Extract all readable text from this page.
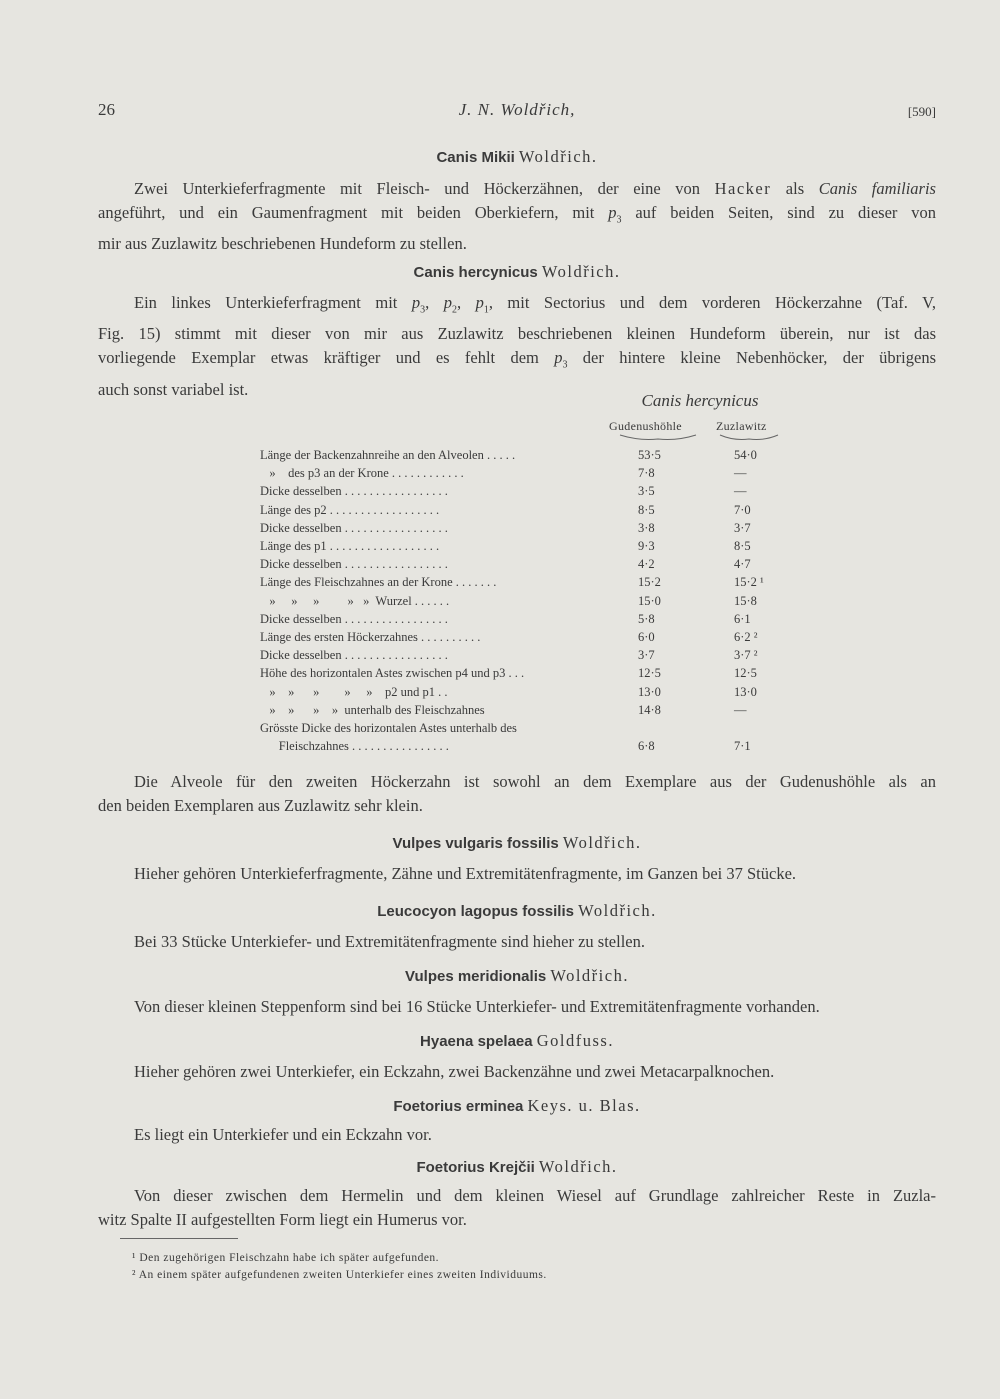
26	J. N. Woldřich,	[590]
Canis Mikii Woldřich.
Zwei Unterkieferfragmente mit Fleisch- und Höckerzähnen, der eine von Hacker als Canis familiaris
angeführt, und ein Gaumenfragment mit beiden Oberkiefern, mit $p_3$ auf beiden Seiten, sind zu dieser von
mir aus Zuzlawitz beschriebenen Hundeform zu stellen.
Canis hercynicus Woldřich.
Ein linkes Unterkieferfragment mit $p_3$, $p_2$, $p_1$, mit Sectorius und dem vorderen Höckerzahne (Taf. V,
Fig. 15) stimmt mit dieser von mir aus Zuzlawitz beschriebenen kleinen Hundeform überein, nur ist das
vorliegende Exemplar etwas kräftiger und es fehlt dem $p_3$ der hintere kleine Nebenhöcker, der übrigens
auch sonst variabel ist.
Canis hercynicus
Gudenushöhle	Zuzlawitz
Länge der Backenzahnreihe an den Alveolen . . . . .	53·5	54·0
»    des p3 an der Krone . . . . . . . . . . . .	7·8	—
Dicke desselben . . . . . . . . . . . . . . . . .	3·5	—
Länge des p2 . . . . . . . . . . . . . . . . . .	8·5	7·0
Dicke desselben . . . . . . . . . . . . . . . . .	3·8	3·7
Länge des p1 . . . . . . . . . . . . . . . . . .	9·3	8·5
Dicke desselben . . . . . . . . . . . . . . . . .	4·2	4·7
Länge des Fleischzahnes an der Krone . . . . . . .	15·2	15·2 ¹
»     »     »         »   »  Wurzel . . . . . .	15·0	15·8
Dicke desselben . . . . . . . . . . . . . . . . .	5·8	6·1
Länge des ersten Höckerzahnes . . . . . . . . . .	6·0	6·2 ²
Dicke desselben . . . . . . . . . . . . . . . . .	3·7	3·7 ²
Höhe des horizontalen Astes zwischen p4 und p3 . . .	12·5	12·5
»    »      »        »     »    p2 und p1 . .	13·0	13·0
»    »      »    »  unterhalb des Fleischzahnes	14·8	—
Grösste Dicke des horizontalen Astes unterhalb des
Fleischzahnes . . . . . . . . . . . . . . . .	6·8	7·1
Die Alveole für den zweiten Höckerzahn ist sowohl an dem Exemplare aus der Gudenushöhle als an
den beiden Exemplaren aus Zuzlawitz sehr klein.
Vulpes vulgaris fossilis Woldřich.
Hieher gehören Unterkieferfragmente, Zähne und Extremitätenfragmente, im Ganzen bei 37 Stücke.
Leucocyon lagopus fossilis Woldřich.
Bei 33 Stücke Unterkiefer- und Extremitätenfragmente sind hieher zu stellen.
Vulpes meridionalis Woldřich.
Von dieser kleinen Steppenform sind bei 16 Stücke Unterkiefer- und Extremitätenfragmente vorhanden.
Hyaena spelaea Goldfuss.
Hieher gehören zwei Unterkiefer, ein Eckzahn, zwei Backenzähne und zwei Metacarpalknochen.
Foetorius erminea Keys. u. Blas.
Es liegt ein Unterkiefer und ein Eckzahn vor.
Foetorius Krejčii Woldřich.
Von dieser zwischen dem Hermelin und dem kleinen Wiesel auf Grundlage zahlreicher Reste in Zuzla-
witz Spalte II aufgestellten Form liegt ein Humerus vor.
¹ Den zugehörigen Fleischzahn habe ich später aufgefunden.
² An einem später aufgefundenen zweiten Unterkiefer eines zweiten Individuums.
